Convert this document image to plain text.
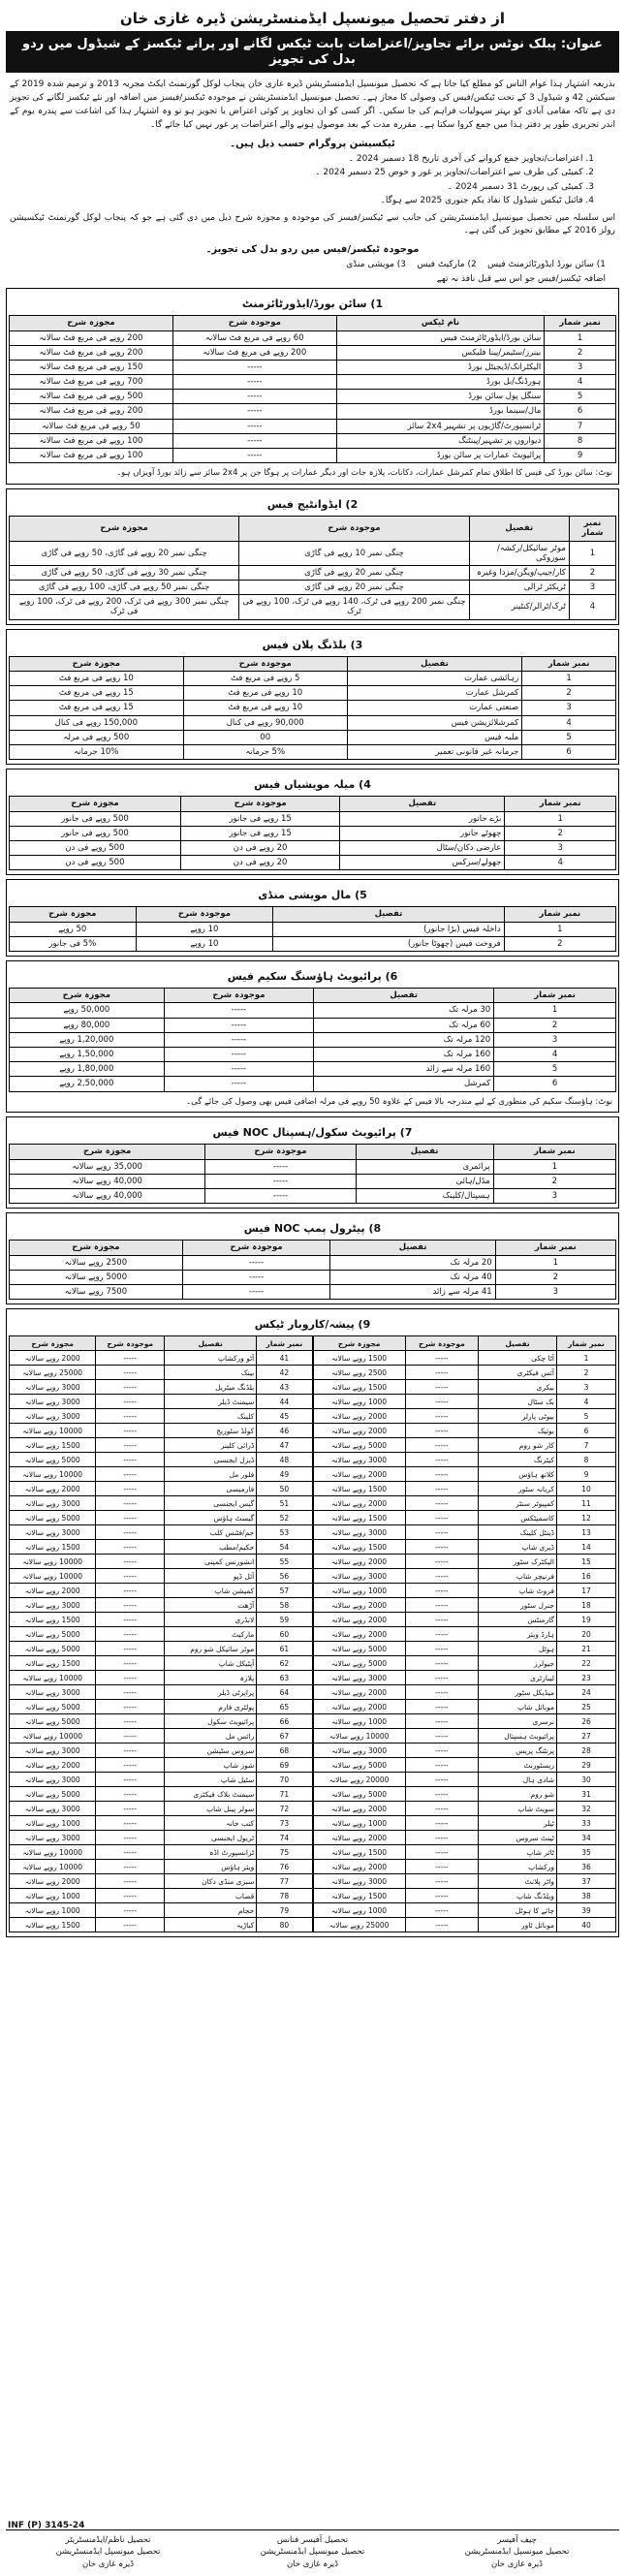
از دفتر تحصیل میونسپل ایڈمنسٹریشن ڈیرہ غازی خان
عنوان: پبلک نوٹس برائے تجاویز/اعتراضات بابت ٹیکس لگانے اور پرانے ٹیکسز کے شیڈول میں ردو بدل کی تجویز

بذریعہ اشتہار ہذا عوام الناس کو مطلع کیا جاتا ہے کہ تحصیل میونسپل ایڈمنسٹریشن ڈیرہ غازی خان پنجاب لوکل گورنمنٹ ایکٹ مجریہ 2013 و ترمیم شدہ 2019 کے سیکشن 42 و شیڈول 3 کے تحت ٹیکس/فیس کی وصولی کا مجاز ہے۔ تحصیل میونسپل ایڈمنسٹریشن نے موجودہ ٹیکسز/فیسز میں اضافہ اور نئے ٹیکسز لگانے کی تجویز دی ہے تاکہ مقامی آبادی کو بہتر سہولیات فراہم کی جا سکیں۔ اگر کسی کو ان تجاویز پر کوئی اعتراض یا تجویز ہو تو وہ اشتہار ہذا کی اشاعت سے پندرہ یوم کے اندر تحریری طور پر دفتر ہذا میں جمع کروا سکتا ہے۔ مقررہ مدت کے بعد موصول ہونے والے اعتراضات پر غور نہیں کیا جائے گا۔

ٹیکسیشن پروگرام حسب ذیل ہیں۔
1. اعتراضات/تجاویز جمع کروانے کی آخری تاریخ 18 دسمبر 2024 ۔
2. کمیٹی کی طرف سے اعتراضات/تجاویز پر غور و خوض 25 دسمبر 2024 ۔
3. کمیٹی کی رپورٹ 31 دسمبر 2024 ۔
4. فائنل ٹیکس شیڈول کا نفاذ یکم جنوری 2025 سے ہوگا۔

اس سلسلہ میں تحصیل میونسپل ایڈمنسٹریشن کی جانب سے ٹیکسز/فیسز کی موجودہ و مجوزہ شرح ذیل میں دی گئی ہے جو کہ پنجاب لوکل گورنمنٹ ٹیکسیشن رولز 2016 کے مطابق تجویز کی گئی ہے۔

موجودہ ٹیکسز/فیس میں ردو بدل کی تجویز۔
1) سائن بورڈ ایڈورٹائزمنٹ فیس    2) مارکیٹ فیس    3) مویشی منڈی
اضافہ ٹیکسز/فیس جو اس سے قبل نافذ نہ تھے
1) سائن بورڈ/ایڈورٹائزمنٹ
نمبر شمار	نام ٹیکس	موجودہ شرح	مجوزہ شرح
1	سائن بورڈ/ایڈورٹائزمنٹ فیس	60 روپے فی مربع فٹ سالانہ	200 روپے فی مربع فٹ سالانہ
2	بینرز/سٹیمر/پینا فلیکس	200 روپے فی مربع فٹ سالانہ	200 روپے فی مربع فٹ سالانہ
3	الیکٹرانک/ڈیجیٹل بورڈ	-----	150 روپے فی مربع فٹ سالانہ
4	ہورڈنگ/بل بورڈ	-----	700 روپے فی مربع فٹ سالانہ
5	سنگل پول سائن بورڈ	-----	500 روپے فی مربع فٹ سالانہ
6	مال/سینما بورڈ	-----	200 روپے فی مربع فٹ سالانہ
7	ٹرانسپورٹ/گاڑیوں پر تشہیر 2x4 سائز	-----	50 روپے فی مربع فٹ سالانہ
8	دیواروں پر تشہیر/پینٹنگ	-----	100 روپے فی مربع فٹ سالانہ
9	پرائیویٹ عمارات پر سائن بورڈ	-----	100 روپے فی مربع فٹ سالانہ

نوٹ: سائن بورڈ کی فیس کا اطلاق تمام کمرشل عمارات، دکانات، پلازہ جات اور دیگر عمارات پر ہوگا جن پر 2x4 سائز سے زائد بورڈ آویزاں ہو۔

2) ایڈوانٹیج فیس
نمبر شمار	تفصیل	موجودہ شرح	مجوزہ شرح
1	موٹر سائیکل/رکشہ/سوزوکی	چنگی نمبر 10 روپے فی گاڑی	چنگی نمبر 20 روپے فی گاڑی، 50 روپے فی گاڑی
2	کار/جیپ/ویگن/مزدا وغیرہ	چنگی نمبر 20 روپے فی گاڑی	چنگی نمبر 30 روپے فی گاڑی، 50 روپے فی گاڑی
3	ٹریکٹر ٹرالی	چنگی نمبر 20 روپے فی گاڑی	چنگی نمبر 50 روپے فی گاڑی، 100 روپے فی گاڑی
4	ٹرک/ٹرالر/کنٹینر	چنگی نمبر 200 روپے فی ٹرک، 140 روپے فی ٹرک، 100 روپے فی ٹرک	چنگی نمبر 300 روپے فی ٹرک، 200 روپے فی ٹرک، 100 روپے فی ٹرک
3) بلڈنگ پلان فیس
نمبر شمار	تفصیل	موجودہ شرح	مجوزہ شرح
1	رہائشی عمارت	5 روپے فی مربع فٹ	10 روپے فی مربع فٹ
2	کمرشل عمارت	10 روپے فی مربع فٹ	15 روپے فی مربع فٹ
3	صنعتی عمارت	10 روپے فی مربع فٹ	15 روپے فی مربع فٹ
4	کمرشلائزیشن فیس	90,000 روپے فی کنال	150,000 روپے فی کنال
5	ملبہ فیس	00	500 روپے فی مرلہ
6	جرمانہ غیر قانونی تعمیر	5% جرمانہ	10% جرمانہ
4) میلہ مویشیاں فیس
نمبر شمار	تفصیل	موجودہ شرح	مجوزہ شرح
1	بڑے جانور	15 روپے فی جانور	500 روپے فی جانور
2	چھوٹے جانور	15 روپے فی جانور	500 روپے فی جانور
3	عارضی دکان/سٹال	20 روپے فی دن	500 روپے فی دن
4	جھولے/سرکس	20 روپے فی دن	500 روپے فی دن
5) مال مویشی منڈی
نمبر شمار	تفصیل	موجودہ شرح	مجوزہ شرح
1	داخلہ فیس (بڑا جانور)	10 روپے	50 روپے
2	فروخت فیس (چھوٹا جانور)	10 روپے	5% فی جانور
6) پرائیویٹ ہاؤسنگ سکیم فیس
نمبر شمار	تفصیل	موجودہ شرح	مجوزہ شرح
1	30 مرلہ تک	-----	50,000 روپے
2	60 مرلہ تک	-----	80,000 روپے
3	120 مرلہ تک	-----	1,20,000 روپے
4	160 مرلہ تک	-----	1,50,000 روپے
5	160 مرلہ سے زائد	-----	1,80,000 روپے
6	کمرشل	-----	2,50,000 روپے

نوٹ: ہاؤسنگ سکیم کی منظوری کے لیے مندرجہ بالا فیس کے علاوہ 50 روپے فی مرلہ اضافی فیس بھی وصول کی جائے گی۔

7) پرائیویٹ سکول/ہسپتال NOC فیس
نمبر شمار	تفصیل	موجودہ شرح	مجوزہ شرح
1	پرائمری	-----	35,000 روپے سالانہ
2	مڈل/ہائی	-----	40,000 روپے سالانہ
3	ہسپتال/کلینک	-----	40,000 روپے سالانہ
8) پیٹرول پمپ NOC فیس
نمبر شمار	تفصیل	موجودہ شرح	مجوزہ شرح
1	20 مرلہ تک	-----	2500 روپے سالانہ
2	40 مرلہ تک	-----	5000 روپے سالانہ
3	41 مرلہ سے زائد	-----	7500 روپے سالانہ
9) پیشہ/کاروبار ٹیکس
نمبر شمار	تفصیل	موجودہ شرح	مجوزہ شرح
1	آٹا چکی	-----	1500 روپے سالانہ
2	آئس فیکٹری	-----	2500 روپے سالانہ
3	بیکری	-----	1500 روپے سالانہ
4	بک سٹال	-----	1000 روپے سالانہ
5	بیوٹی پارلر	-----	2000 روپے سالانہ
6	بوتیک	-----	2000 روپے سالانہ
7	کار شو روم	-----	5000 روپے سالانہ
8	کیٹرنگ	-----	3000 روپے سالانہ
9	کلاتھ ہاؤس	-----	2000 روپے سالانہ
10	کریانہ سٹور	-----	1500 روپے سالانہ
11	کمپیوٹر سنٹر	-----	2000 روپے سالانہ
12	کاسمیٹکس	-----	1500 روپے سالانہ
13	ڈینٹل کلینک	-----	3000 روپے سالانہ
14	ڈیری شاپ	-----	1500 روپے سالانہ
15	الیکٹرک سٹور	-----	2000 روپے سالانہ
16	فرنیچر شاپ	-----	3000 روپے سالانہ
17	فروٹ شاپ	-----	1000 روپے سالانہ
18	جنرل سٹور	-----	2000 روپے سالانہ
19	گارمنٹس	-----	2000 روپے سالانہ
20	ہارڈ ویئر	-----	2000 روپے سالانہ
21	ہوٹل	-----	5000 روپے سالانہ
22	جیولرز	-----	5000 روپے سالانہ
23	لیبارٹری	-----	3000 روپے سالانہ
24	میڈیکل سٹور	-----	2000 روپے سالانہ
25	موبائل شاپ	-----	2000 روپے سالانہ
26	نرسری	-----	1000 روپے سالانہ
27	پرائیویٹ ہسپتال	-----	10000 روپے سالانہ
28	پرنٹنگ پریس	-----	3000 روپے سالانہ
29	ریسٹورنٹ	-----	5000 روپے سالانہ
30	شادی ہال	-----	20000 روپے سالانہ
31	شو روم	-----	5000 روپے سالانہ
32	سویٹ شاپ	-----	2000 روپے سالانہ
33	ٹیلر	-----	1000 روپے سالانہ
34	ٹینٹ سروس	-----	2000 روپے سالانہ
35	ٹائر شاپ	-----	1500 روپے سالانہ
36	ورکشاپ	-----	2000 روپے سالانہ
37	واٹر پلانٹ	-----	3000 روپے سالانہ
38	ویلڈنگ شاپ	-----	1500 روپے سالانہ
39	چائے کا ہوٹل	-----	1000 روپے سالانہ
40	موبائل ٹاور	-----	25000 روپے سالانہ
نمبر شمار	تفصیل	موجودہ شرح	مجوزہ شرح
41	آٹو ورکشاپ	-----	2000 روپے سالانہ
42	بینک	-----	25000 روپے سالانہ
43	بلڈنگ میٹریل	-----	3000 روپے سالانہ
44	سیمنٹ ڈیلر	-----	3000 روپے سالانہ
45	کلینک	-----	3000 روپے سالانہ
46	کولڈ سٹوریج	-----	10000 روپے سالانہ
47	ڈرائی کلینر	-----	1500 روپے سالانہ
48	ڈیزل ایجنسی	-----	5000 روپے سالانہ
49	فلور مل	-----	10000 روپے سالانہ
50	فارمیسی	-----	2000 روپے سالانہ
51	گیس ایجنسی	-----	3000 روپے سالانہ
52	گیسٹ ہاؤس	-----	5000 روپے سالانہ
53	جم/فٹنس کلب	-----	3000 روپے سالانہ
54	حکیم/مطب	-----	1500 روپے سالانہ
55	انشورنس کمپنی	-----	10000 روپے سالانہ
56	آئل ڈپو	-----	10000 روپے سالانہ
57	کمیشن شاپ	-----	2000 روپے سالانہ
58	آڑھت	-----	3000 روپے سالانہ
59	لانڈری	-----	1500 روپے سالانہ
60	مارکیٹ	-----	5000 روپے سالانہ
61	موٹر سائیکل شو روم	-----	5000 روپے سالانہ
62	آپٹیکل شاپ	-----	1500 روپے سالانہ
63	پلازہ	-----	10000 روپے سالانہ
64	پراپرٹی ڈیلر	-----	3000 روپے سالانہ
65	پولٹری فارم	-----	5000 روپے سالانہ
66	پرائیویٹ سکول	-----	5000 روپے سالانہ
67	رائس مل	-----	10000 روپے سالانہ
68	سروس سٹیشن	-----	3000 روپے سالانہ
69	شوز شاپ	-----	2000 روپے سالانہ
70	سٹیل شاپ	-----	3000 روپے سالانہ
71	سیمنٹ بلاک فیکٹری	-----	5000 روپے سالانہ
72	سولر پینل شاپ	-----	3000 روپے سالانہ
73	کتب خانہ	-----	1000 روپے سالانہ
74	ٹریول ایجنسی	-----	3000 روپے سالانہ
75	ٹرانسپورٹ اڈہ	-----	10000 روپے سالانہ
76	ویئر ہاؤس	-----	10000 روپے سالانہ
77	سبزی منڈی دکان	-----	2000 روپے سالانہ
78	قصاب	-----	1000 روپے سالانہ
79	حجام	-----	1000 روپے سالانہ
80	کباڑیہ	-----	1500 روپے سالانہ
INF (P) 3145-24
چیف آفیسر
تحصیل میونسپل ایڈمنسٹریشن
ڈیرہ غازی خان
تحصیل آفیسر فنانس
تحصیل میونسپل ایڈمنسٹریشن
ڈیرہ غازی خان
تحصیل ناظم/ایڈمنسٹریٹر
تحصیل میونسپل ایڈمنسٹریشن
ڈیرہ غازی خان
